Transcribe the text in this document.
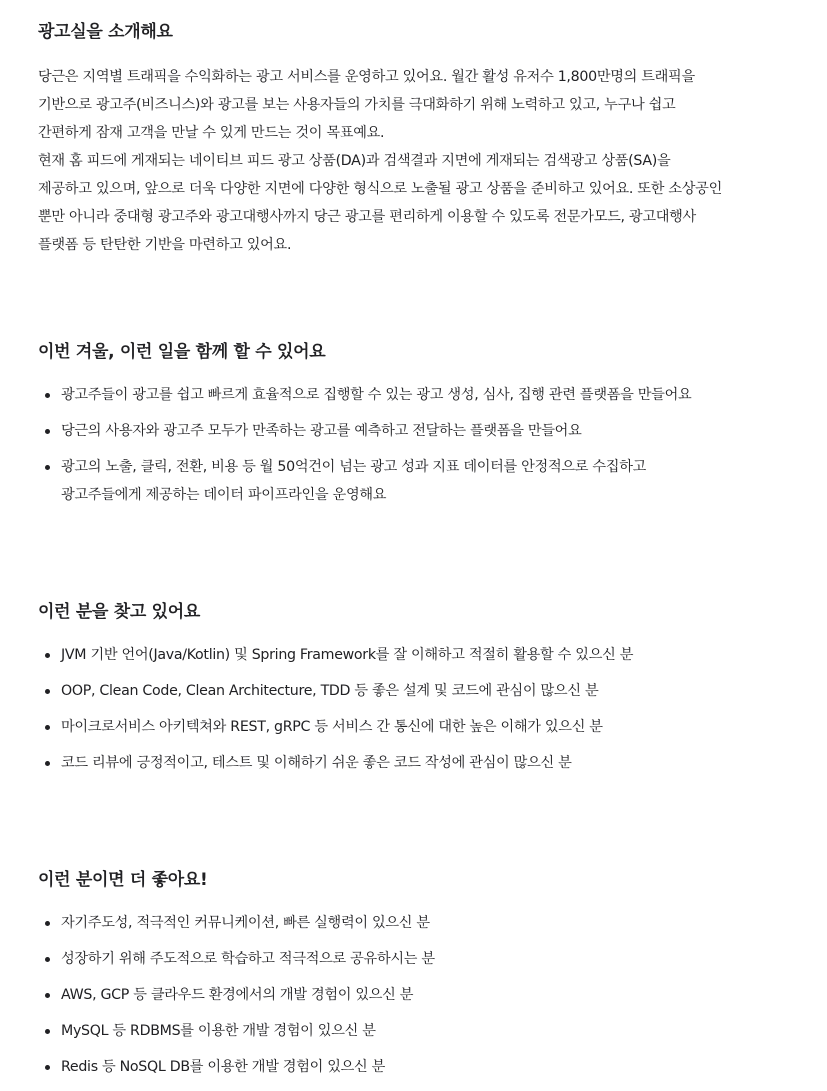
광고실을 소개해요

당근은 지역별 트래픽을 수익화하는 광고 서비스를 운영하고 있어요. 월간 활성 유저수 1,800만명의 트래픽을
기반으로 광고주(비즈니스)와 광고를 보는 사용자들의 가치를 극대화하기 위해 노력하고 있고, 누구나 쉽고
간편하게 잠재 고객을 만날 수 있게 만드는 것이 목표예요.
현재 홈 피드에 게재되는 네이티브 피드 광고 상품(DA)과 검색결과 지면에 게재되는 검색광고 상품(SA)을
제공하고 있으며, 앞으로 더욱 다양한 지면에 다양한 형식으로 노출될 광고 상품을 준비하고 있어요. 또한 소상공인
뿐만 아니라 중대형 광고주와 광고대행사까지 당근 광고를 편리하게 이용할 수 있도록 전문가모드, 광고대행사
플랫폼 등 탄탄한 기반을 마련하고 있어요.

이번 겨울, 이런 일을 함께 할 수 있어요
광고주들이 광고를 쉽고 빠르게 효율적으로 집행할 수 있는 광고 생성, 심사, 집행 관련 플랫폼을 만들어요
당근의 사용자와 광고주 모두가 만족하는 광고를 예측하고 전달하는 플랫폼을 만들어요
광고의 노출, 클릭, 전환, 비용 등 월 50억건이 넘는 광고 성과 지표 데이터를 안정적으로 수집하고
광고주들에게 제공하는 데이터 파이프라인을 운영해요
이런 분을 찾고 있어요
JVM 기반 언어(Java/Kotlin) 및 Spring Framework를 잘 이해하고 적절히 활용할 수 있으신 분
OOP, Clean Code, Clean Architecture, TDD 등 좋은 설계 및 코드에 관심이 많으신 분
마이크로서비스 아키텍쳐와 REST, gRPC 등 서비스 간 통신에 대한 높은 이해가 있으신 분
코드 리뷰에 긍정적이고, 테스트 및 이해하기 쉬운 좋은 코드 작성에 관심이 많으신 분
이런 분이면 더 좋아요!
자기주도성, 적극적인 커뮤니케이션, 빠른 실행력이 있으신 분
성장하기 위해 주도적으로 학습하고 적극적으로 공유하시는 분
AWS, GCP 등 클라우드 환경에서의 개발 경험이 있으신 분
MySQL 등 RDBMS를 이용한 개발 경험이 있으신 분
Redis 등 NoSQL DB를 이용한 개발 경험이 있으신 분
